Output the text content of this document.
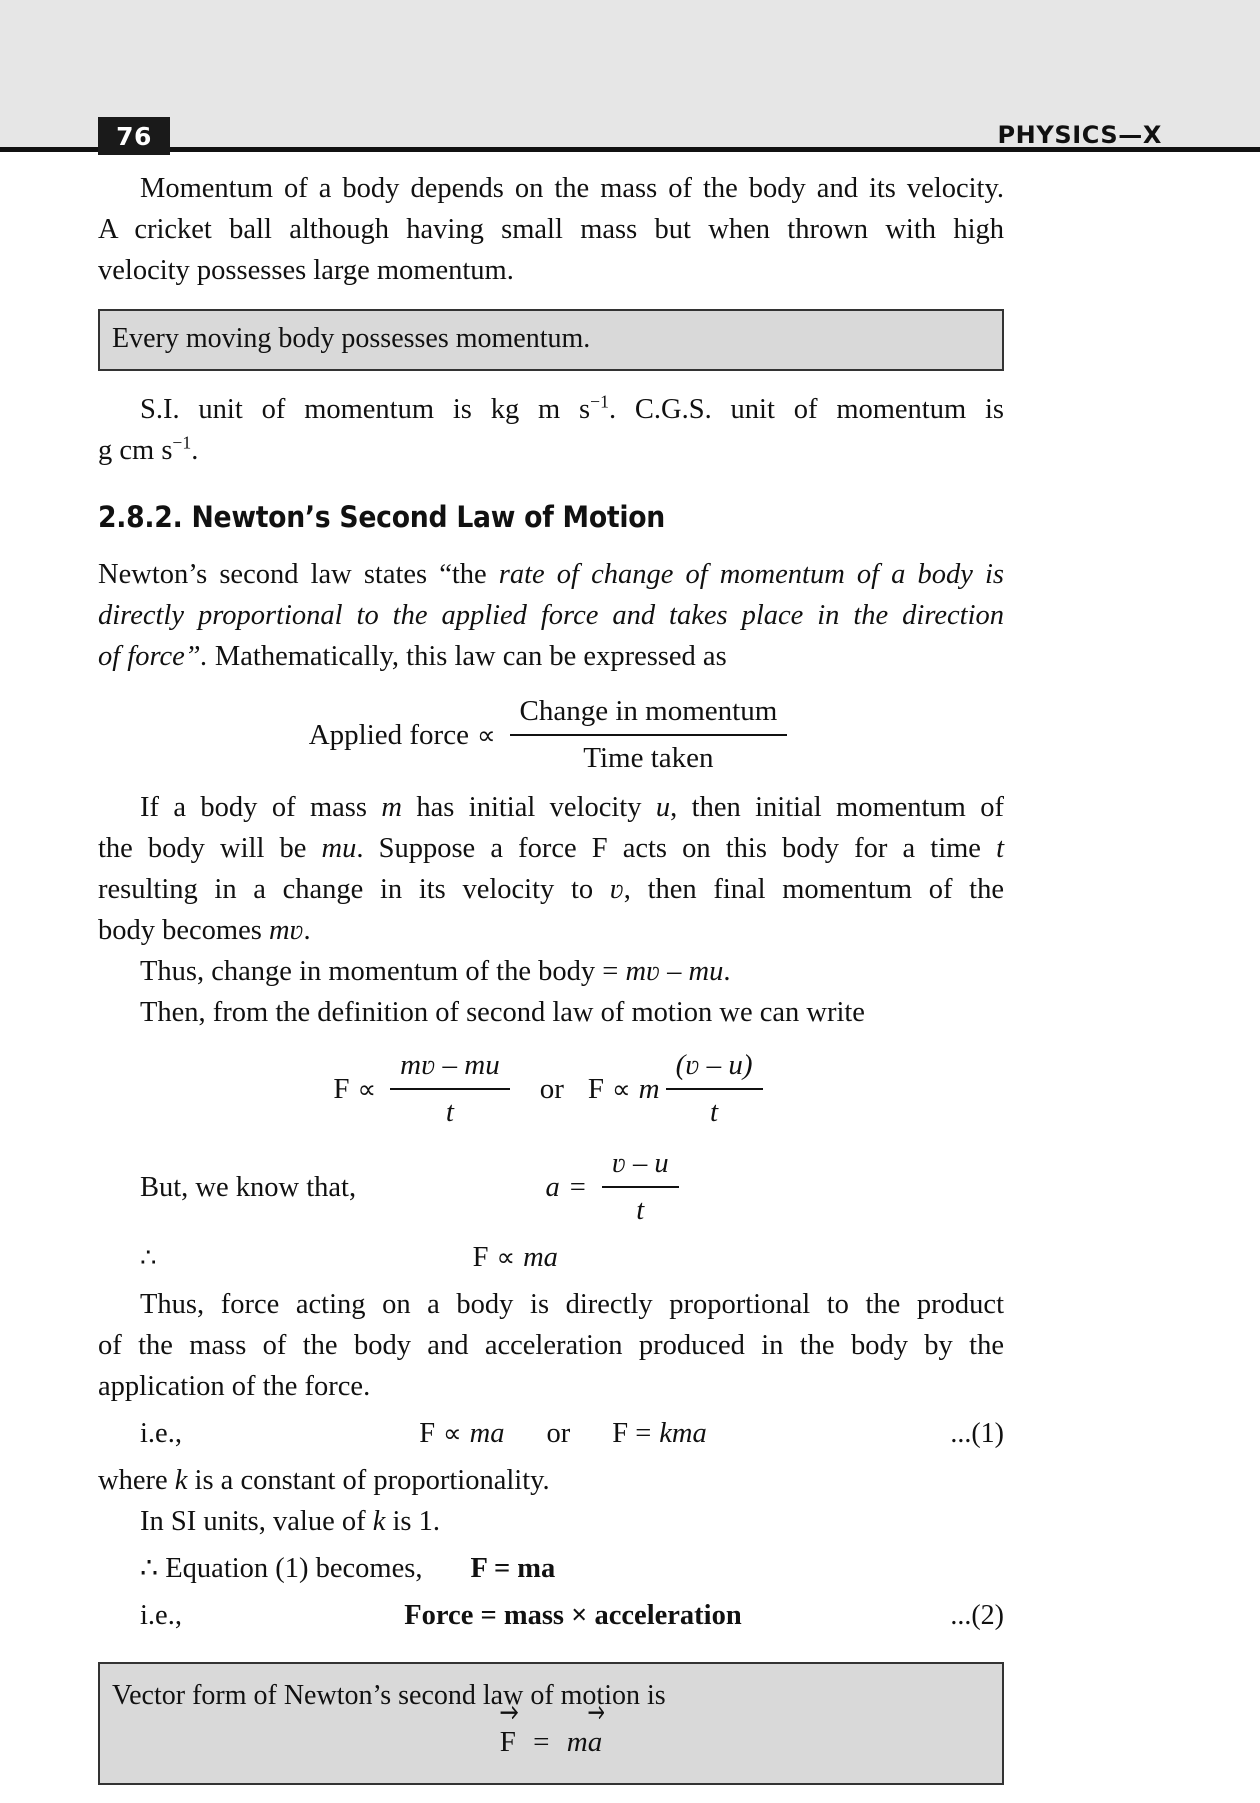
76	PHYSICS—X
Momentum of a body depends on the mass of the body and its velocity.
A cricket ball although having small mass but when thrown with high
velocity possesses large momentum.
Every moving body possesses momentum.
S.I. unit of momentum is kg m $s^{-1}$. C.G.S. unit of momentum is
g cm $s^{-1}$.
2.8.2. Newton’s Second Law of Motion
Newton’s second law states “the rate of change of momentum of a body is
directly proportional to the applied force and takes place in the direction
of force”. Mathematically, this law can be expressed as
Applied force ∝ $\frac{\text{Change in momentum}}{\text{Time taken}}$
If a body of mass m has initial velocity u, then initial momentum of
the body will be mu. Suppose a force F acts on this body for a time t
resulting in a change in its velocity to ʋ, then final momentum of the
body becomes mʋ.

Thus, change in momentum of the body = mʋ – mu.

Then, from the definition of second law of motion we can write

$F \propto \frac{\text{mʋ – mu}}{t}$ or F ∝ m $\frac{\text{(ʋ – u)}}{t}$
But, we know that,	$a = \frac{\text{ʋ – u}}{t}$
∴	F ∝ ma
Thus, force acting on a body is directly proportional to the product
of the mass of the body and acceleration produced in the body by the
application of the force.
i.e.,	F ∝ ma or F = kma	...(1)

where k is a constant of proportionality.

In SI units, value of k is 1.

∴ Equation (1) becomes, F = ma
i.e.,	Force = mass × acceleration	...(2)
Vector form of Newton’s second law of motion is
F = m
a
